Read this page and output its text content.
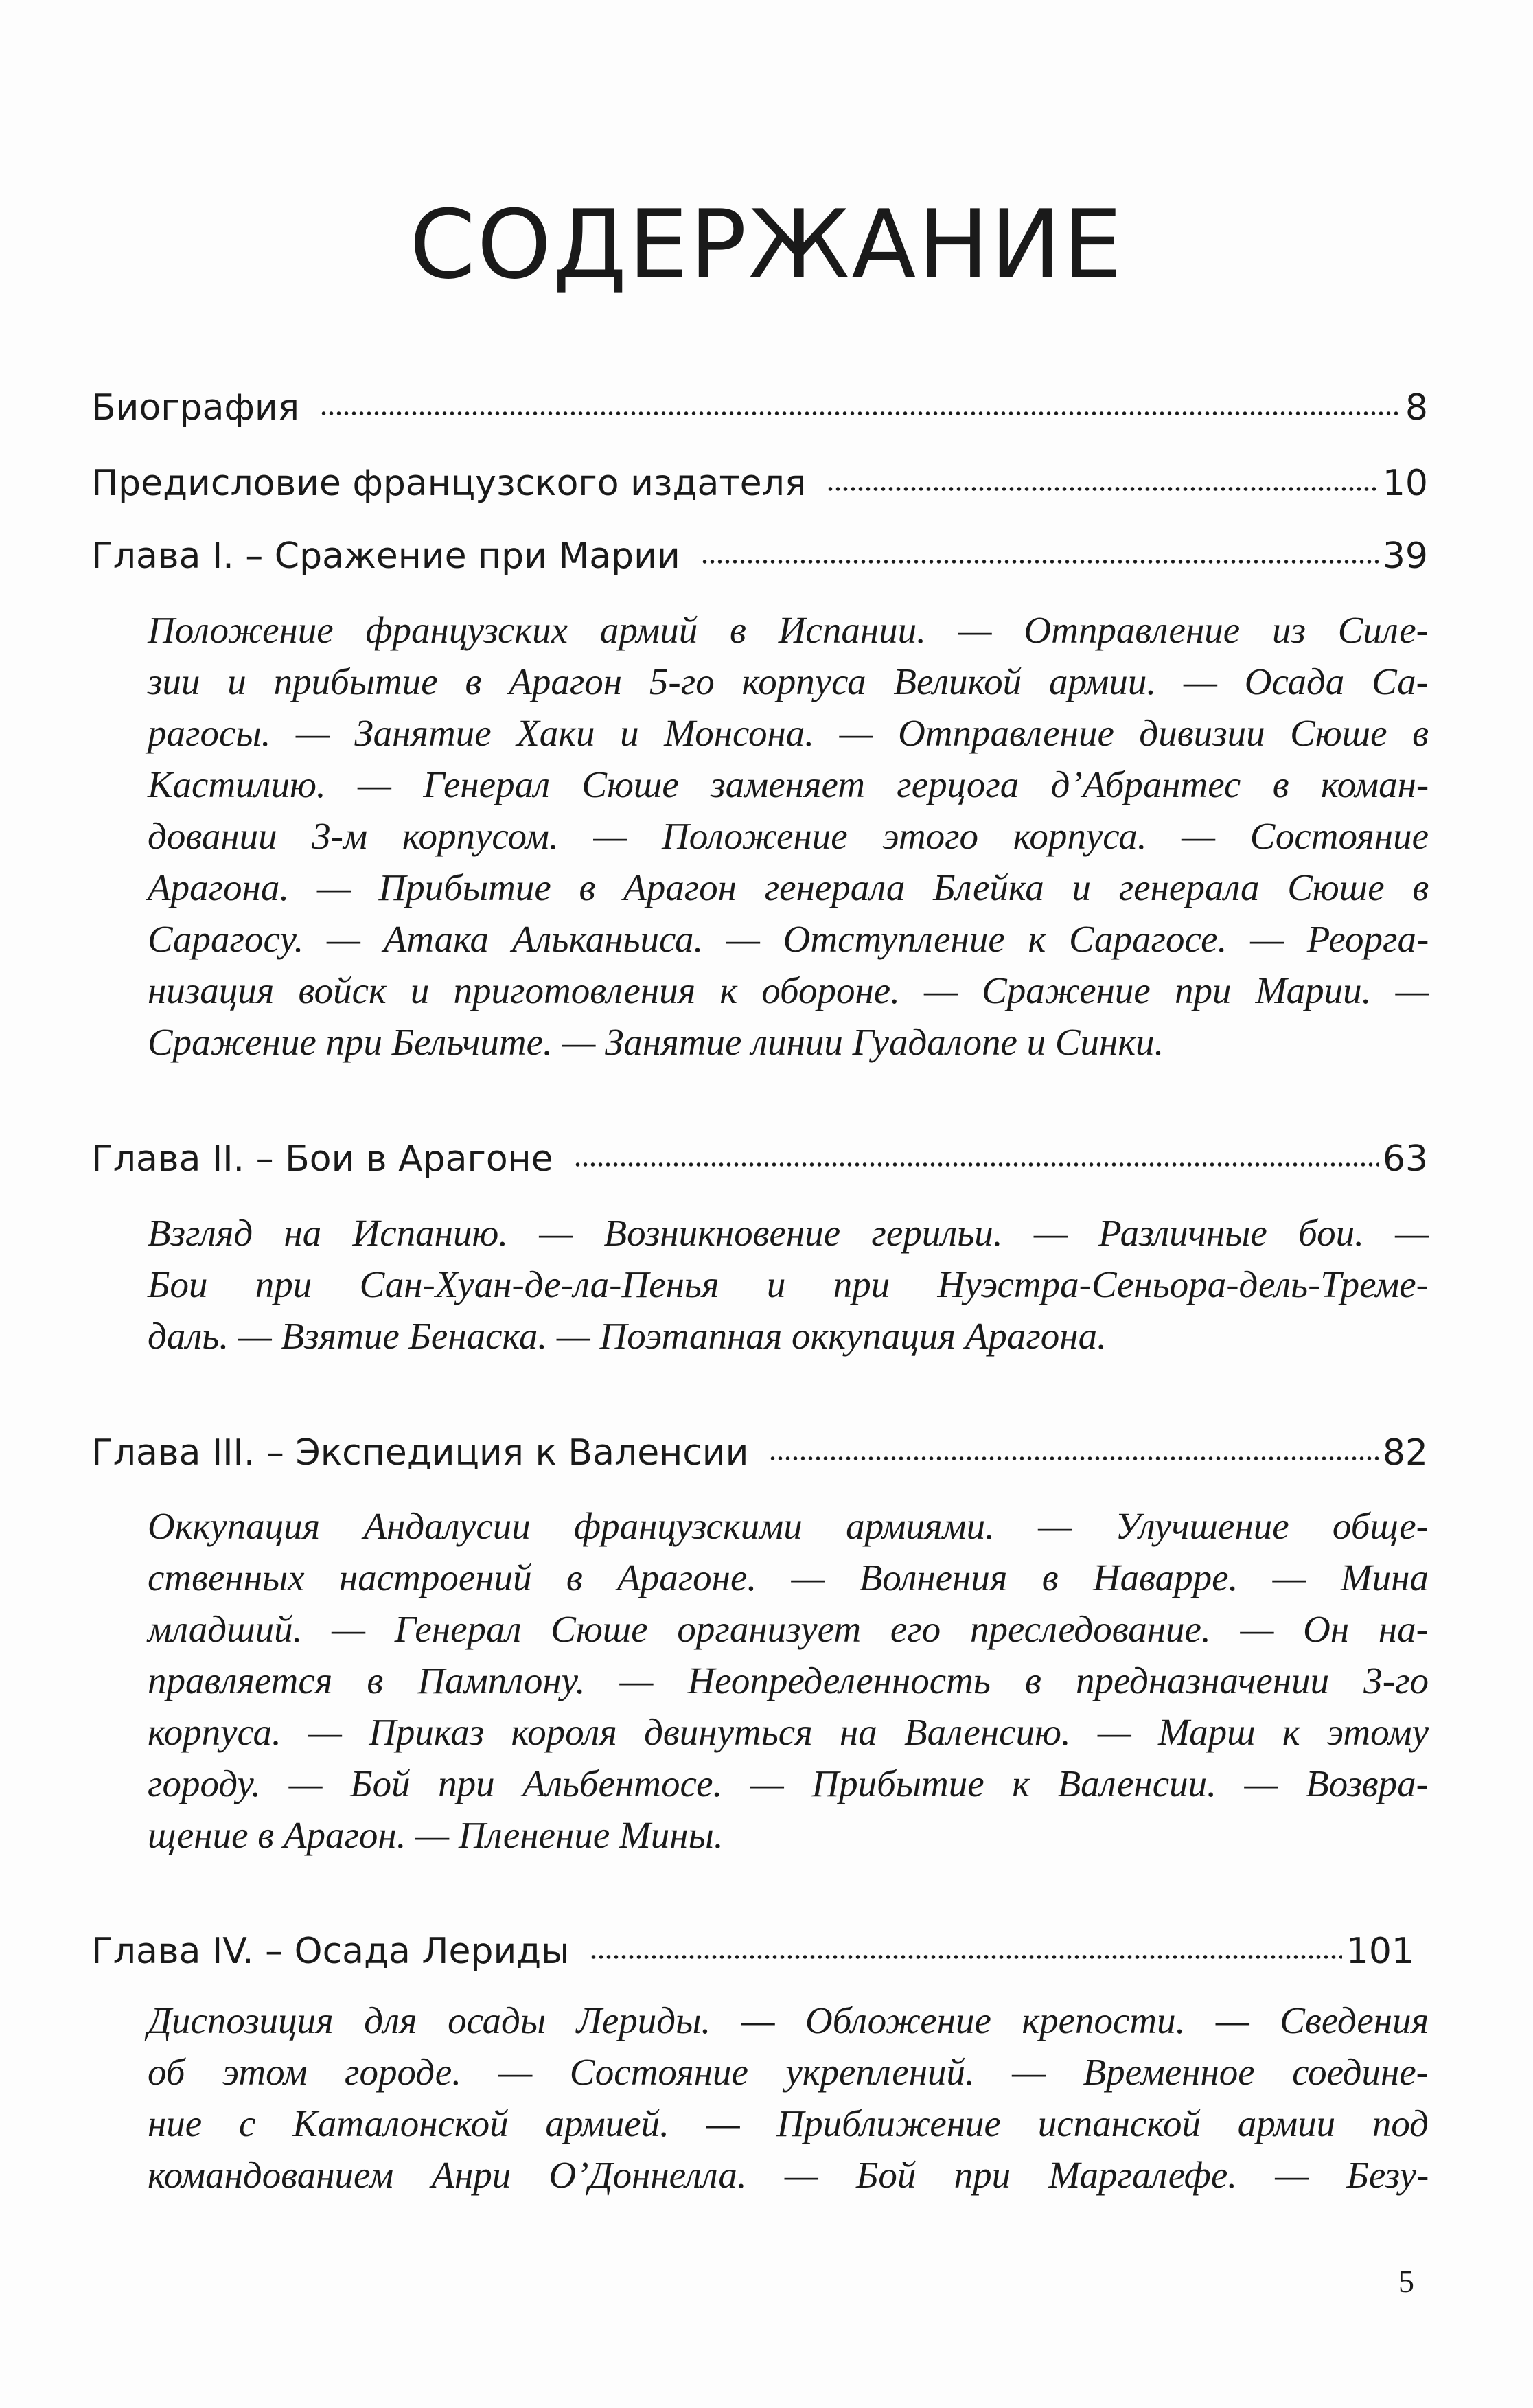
СОДЕРЖАНИЕ
Биография	8
Предисловие французского издателя	10
Глава I. – Сражение при Марии	39
Положение французских армий в Испании. — Отправление из Силе-
зии и прибытие в Арагон 5-го корпуса Великой армии. — Осада Са-
рагосы. — Занятие Хаки и Монсона. — Отправление дивизии Сюше в
Кастилию. — Генерал Сюше заменяет герцога д’Абрантес в коман-
довании 3-м корпусом. — Положение этого корпуса. — Состояние
Арагона. — Прибытие в Арагон генерала Блейка и генерала Сюше в
Сарагосу. — Атака Альканьиса. — Отступление к Сарагосе. — Реорга-
низация войск и приготовления к обороне. — Сражение при Марии. —
Сражение при Бельчите. — Занятие линии Гуадалопе и Синки.
Глава II. – Бои в Арагоне	63
Взгляд на Испанию. — Возникновение герильи. — Различные бои. —
Бои при Сан-Хуан-де-ла-Пенья и при Нуэстра-Сеньора-дель-Треме-
даль. — Взятие Бенаска. — Поэтапная оккупация Арагона.
Глава III. – Экспедиция к Валенсии	82
Оккупация Андалусии французскими армиями. — Улучшение обще-
ственных настроений в Арагоне. — Волнения в Наварре. — Мина
младший. — Генерал Сюше организует его преследование. — Он на-
правляется в Памплону. — Неопределенность в предназначении 3-го
корпуса. — Приказ короля двинуться на Валенсию. — Марш к этому
городу. — Бой при Альбентосе. — Прибытие к Валенсии. — Возвра-
щение в Арагон. — Пленение Мины.
Глава IV. – Осада Лериды	101
Диспозиция для осады Лериды. — Обложение крепости. — Сведения
об этом городе. — Состояние укреплений. — Временное соедине-
ние с Каталонской армией. — Приближение испанской армии под
командованием Анри О’Доннелла. — Бой при Маргалефе. — Безу-
5
